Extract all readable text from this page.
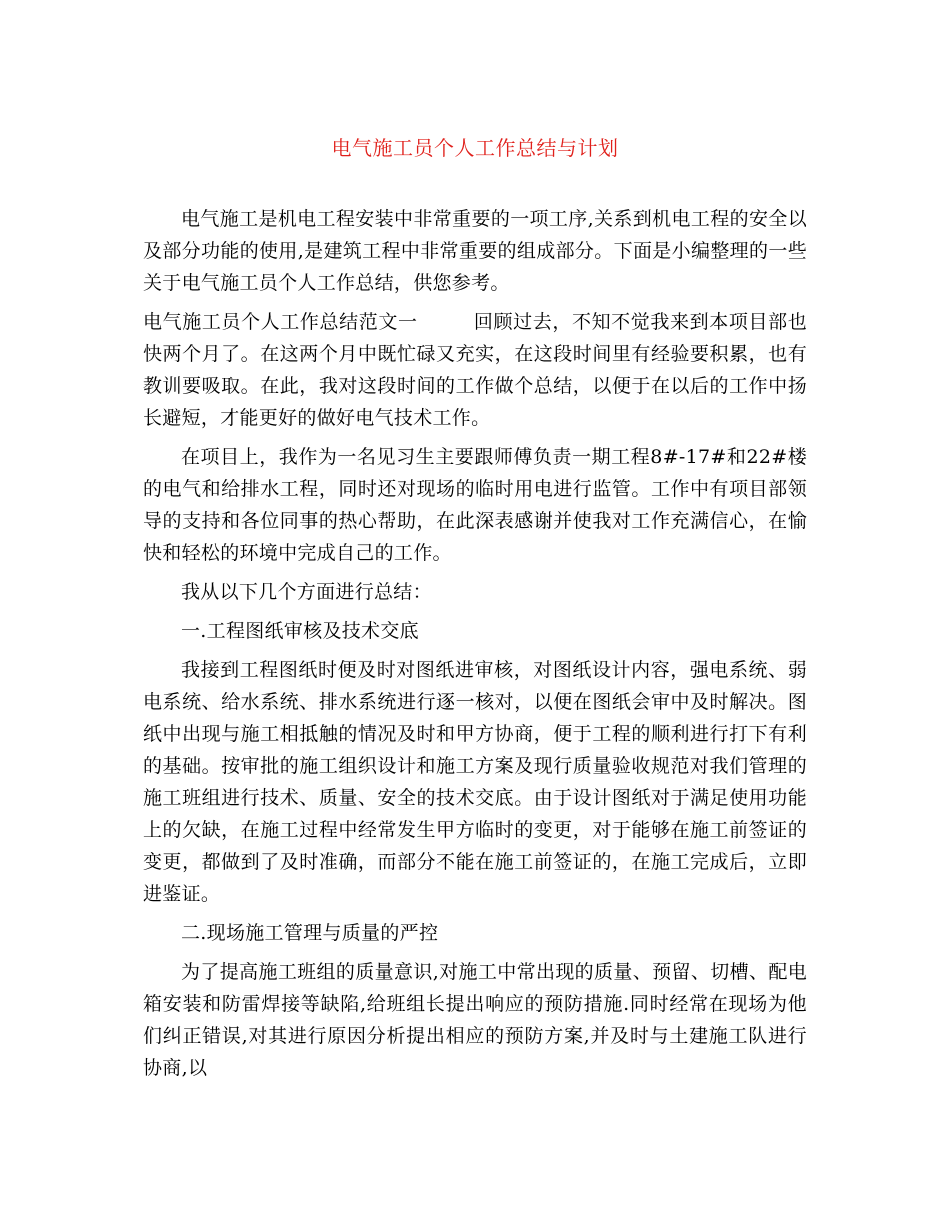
电气施工员个人工作总结与计划

电气施工是机电工程安装中非常重要的一项工序,关系到机电工程的安全以及部分功能的使用,是建筑工程中非常重要的组成部分。下面是小编整理的一些关于电气施工员个人工作总结，供您参考。

电气施工员个人工作总结范文一	回顾过去，不知不觉我来到本项目部也快两个月了。在这两个月中既忙碌又充实，在这段时间里有经验要积累，也有教训要吸取。在此，我对这段时间的工作做个总结，以便于在以后的工作中扬长避短，才能更好的做好电气技术工作。

在项目上，我作为一名见习生主要跟师傅负责一期工程8#-17#和22#楼的电气和给排水工程，同时还对现场的临时用电进行监管。工作中有项目部领导的支持和各位同事的热心帮助，在此深表感谢并使我对工作充满信心，在愉快和轻松的环境中完成自己的工作。

我从以下几个方面进行总结：

一.工程图纸审核及技术交底

我接到工程图纸时便及时对图纸进审核，对图纸设计内容，强电系统、弱电系统、给水系统、排水系统进行逐一核对，以便在图纸会审中及时解决。图纸中出现与施工相抵触的情况及时和甲方协商，便于工程的顺利进行打下有利的基础。按审批的施工组织设计和施工方案及现行质量验收规范对我们管理的施工班组进行技术、质量、安全的技术交底。由于设计图纸对于满足使用功能上的欠缺，在施工过程中经常发生甲方临时的变更，对于能够在施工前签证的变更，都做到了及时准确，而部分不能在施工前签证的，在施工完成后，立即进鉴证。

二.现场施工管理与质量的严控

为了提高施工班组的质量意识,对施工中常出现的质量、预留、切槽、配电箱安装和防雷焊接等缺陷,给班组长提出响应的预防措施.同时经常在现场为他们纠正错误,对其进行原因分析提出相应的预防方案,并及时与土建施工队进行协商,以
